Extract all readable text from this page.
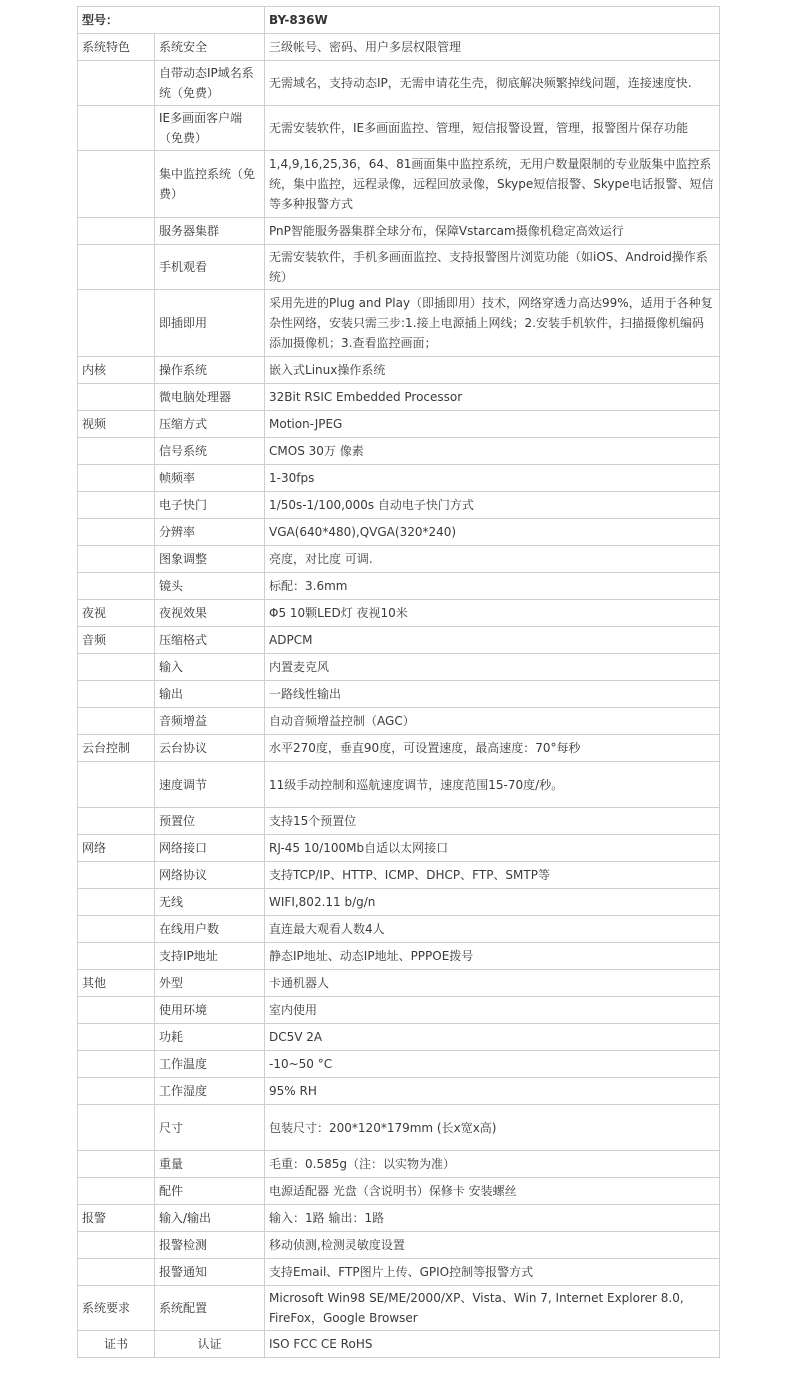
型号：		BY-836W
系统特色	系统安全	三级帐号、密码、用户多层权限管理
	自带动态IP域名系统（免费）	无需域名，支持动态IP，无需申请花生壳，彻底解决频繁掉线问题，连接速度快.
	IE多画面客户端（免费）	无需安装软件，IE多画面监控、管理，短信报警设置，管理，报警图片保存功能
	集中监控系统（免费）	1,4,9,16,25,36，64、81画面集中监控系统，无用户数量限制的专业版集中监控系统，集中监控，远程录像，远程回放录像，Skype短信报警、Skype电话报警、短信等多种报警方式
	服务器集群	PnP智能服务器集群全球分布，保障Vstarcam摄像机稳定高效运行
	手机观看	无需安装软件，手机多画面监控、支持报警图片浏览功能（如iOS、Android操作系统）
	即插即用	采用先进的Plug and Play（即插即用）技术，网络穿透力高达99%，适用于各种复杂性网络，安装只需三步:1.接上电源插上网线；2.安装手机软件，扫描摄像机编码添加摄像机；3.查看监控画面；
内核	操作系统	嵌入式Linux操作系统
	微电脑处理器	32Bit RSIC Embedded Processor
视频	压缩方式	Motion-JPEG
	信号系统	CMOS 30万 像素
	帧频率	1-30fps
	电子快门	1/50s-1/100,000s 自动电子快门方式
	分辨率	VGA(640*480),QVGA(320*240)
	图象调整	亮度，对比度 可调.
	镜头	标配：3.6mm
夜视	夜视效果	Φ5 10颗LED灯 夜视10米
音频	压缩格式	ADPCM
	输入	内置麦克风
	输出	一路线性输出
	音频增益	自动音频增益控制（AGC）
云台控制	云台协议	水平270度，垂直90度，可设置速度，最高速度：70°每秒
	速度调节	11级手动控制和巡航速度调节，速度范围15-70度/秒。
	预置位	支持15个预置位
网络	网络接口	RJ-45 10/100Mb自适以太网接口
	网络协议	支持TCP/IP、HTTP、ICMP、DHCP、FTP、SMTP等
	无线	WIFI,802.11 b/g/n
	在线用户数	直连最大观看人数4人
	支持IP地址	静态IP地址、动态IP地址、PPPOE拨号
其他	外型	卡通机器人
	使用环境	室内使用
	功耗	DC5V 2A
	工作温度	-10~50 °C
	工作湿度	95% RH
	尺寸	包装尺寸：200*120*179mm (长x宽x高)
	重量	毛重：0.585g（注：以实物为准）
	配件	电源适配器 光盘（含说明书）保修卡 安装螺丝
报警	输入/输出	输入：1路 输出：1路
	报警检测	移动侦测,检测灵敏度设置
	报警通知	支持Email、FTP图片上传、GPIO控制等报警方式
系统要求	系统配置	Microsoft Win98 SE/ME/2000/XP、Vista、Win 7, Internet Explorer 8.0, FireFox，Google Browser
证书	认证	ISO FCC CE RoHS
